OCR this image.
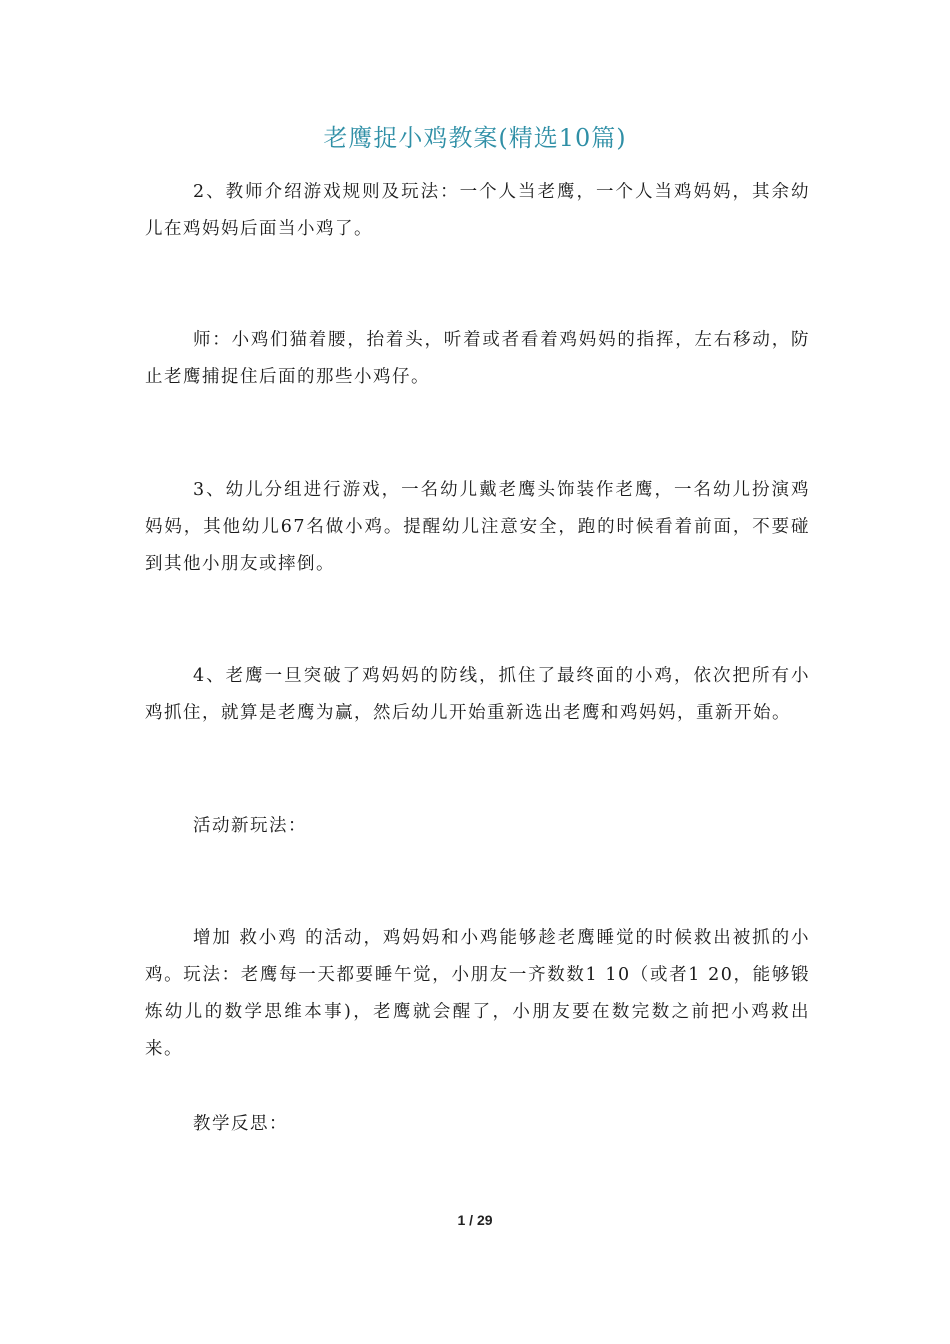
老鹰捉小鸡教案(精选10篇)
2、教师介绍游戏规则及玩法：一个人当老鹰，一个人当鸡妈妈，其余幼儿在鸡妈妈后面当小鸡了。
师：小鸡们猫着腰，抬着头，听着或者看着鸡妈妈的指挥，左右移动，防止老鹰捕捉住后面的那些小鸡仔。
3、幼儿分组进行游戏，一名幼儿戴老鹰头饰装作老鹰，一名幼儿扮演鸡妈妈，其他幼儿67名做小鸡。提醒幼儿注意安全，跑的时候看着前面，不要碰到其他小朋友或摔倒。
4、老鹰一旦突破了鸡妈妈的防线，抓住了最终面的小鸡，依次把所有小鸡抓住，就算是老鹰为赢，然后幼儿开始重新选出老鹰和鸡妈妈，重新开始。
活动新玩法：
增加 救小鸡 的活动，鸡妈妈和小鸡能够趁老鹰睡觉的时候救出被抓的小鸡。玩法：老鹰每一天都要睡午觉，小朋友一齐数数1 10（或者1 20，能够锻炼幼儿的数学思维本事)，老鹰就会醒了，小朋友要在数完数之前把小鸡救出来。
教学反思：
1 / 29
